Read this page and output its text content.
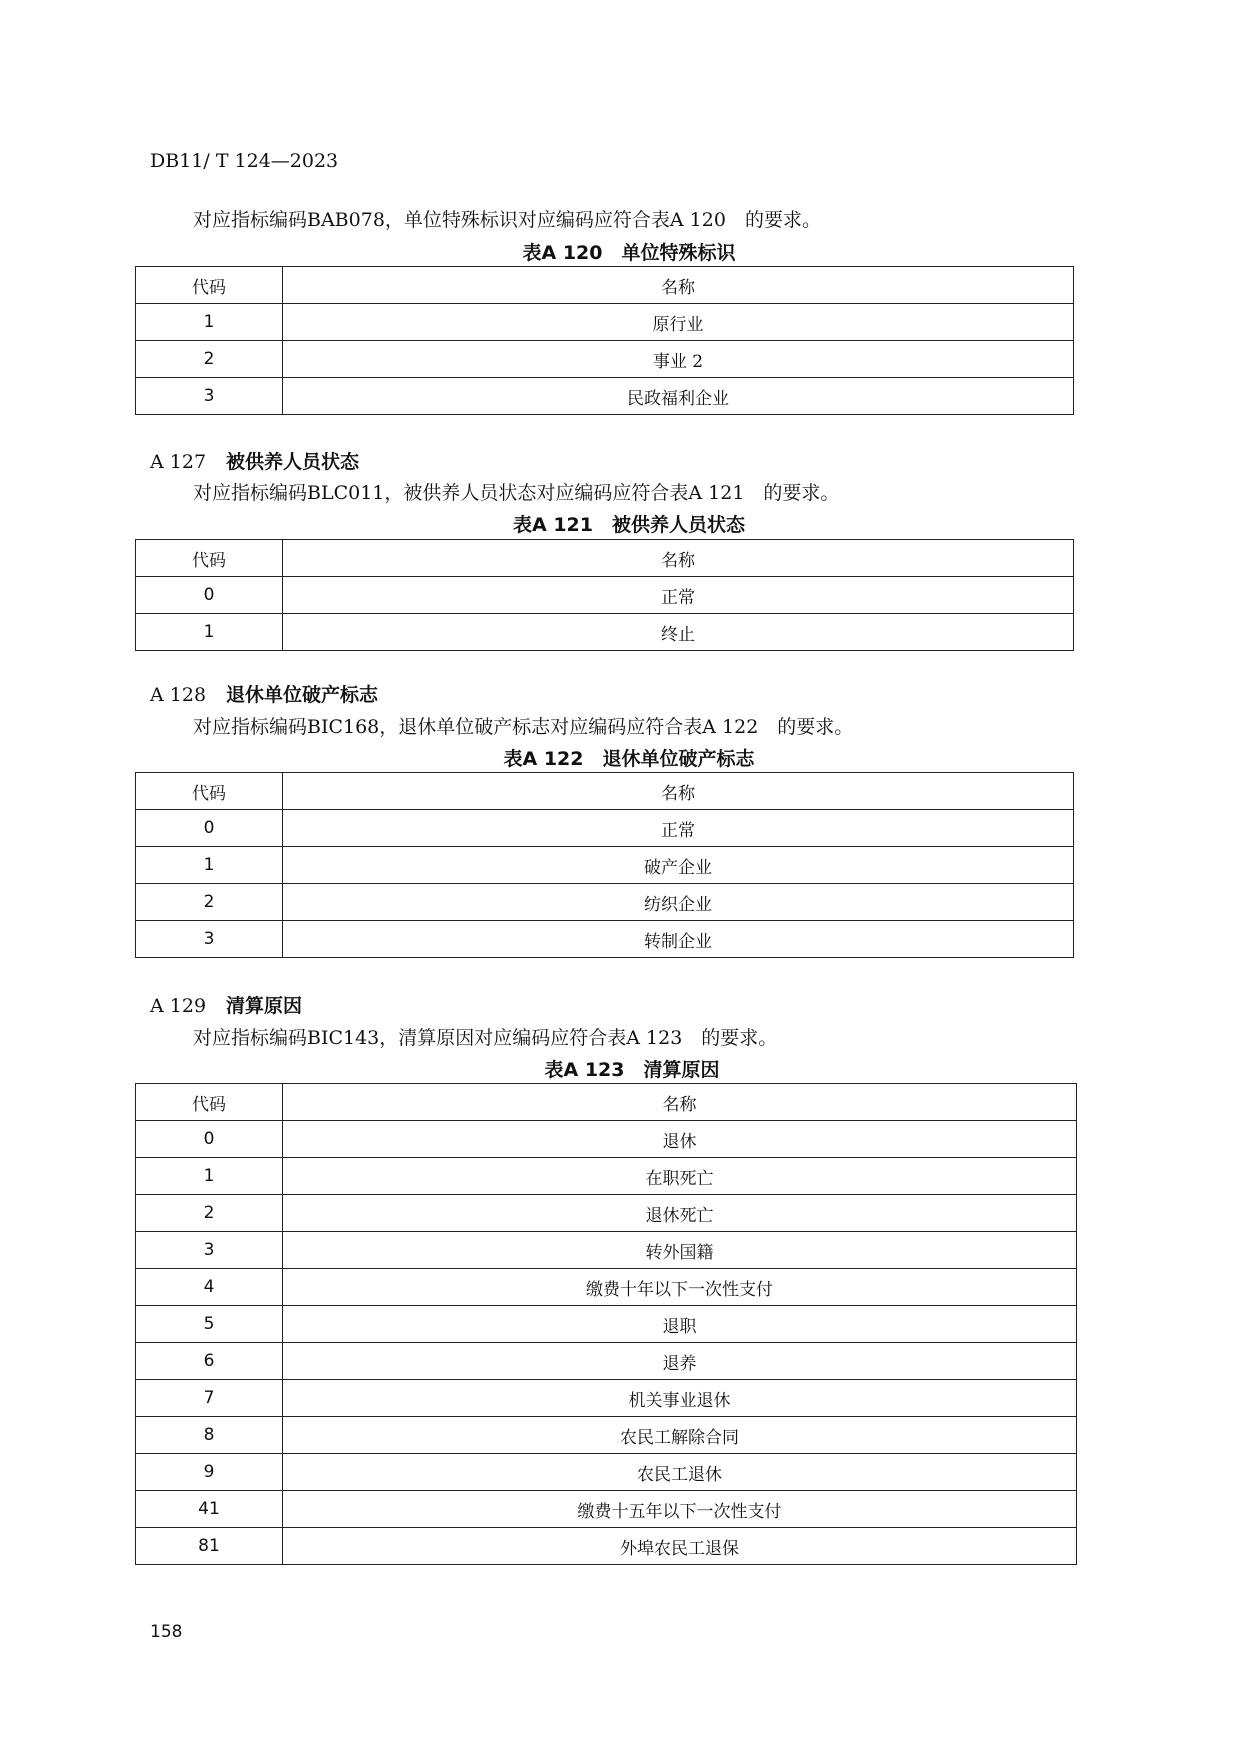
DB11/ T 124—2023
对应指标编码BAB078，单位特殊标识对应编码应符合表A 120　的要求。
表A 120　单位特殊标识
代码	名称
1	原行业
2	事业 2
3	民政福利企业
A 127 被供养人员状态
对应指标编码BLC011，被供养人员状态对应编码应符合表A 121　的要求。
表A 121　被供养人员状态
代码	名称
0	正常
1	终止
A 128 退休单位破产标志
对应指标编码BIC168，退休单位破产标志对应编码应符合表A 122　的要求。
表A 122　退休单位破产标志
代码	名称
0	正常
1	破产企业
2	纺织企业
3	转制企业
A 129 清算原因
对应指标编码BIC143，清算原因对应编码应符合表A 123　的要求。
表A 123　清算原因
代码	名称
0	退休
1	在职死亡
2	退休死亡
3	转外国籍
4	缴费十年以下一次性支付
5	退职
6	退养
7	机关事业退休
8	农民工解除合同
9	农民工退休
41	缴费十五年以下一次性支付
81	外埠农民工退保
158
